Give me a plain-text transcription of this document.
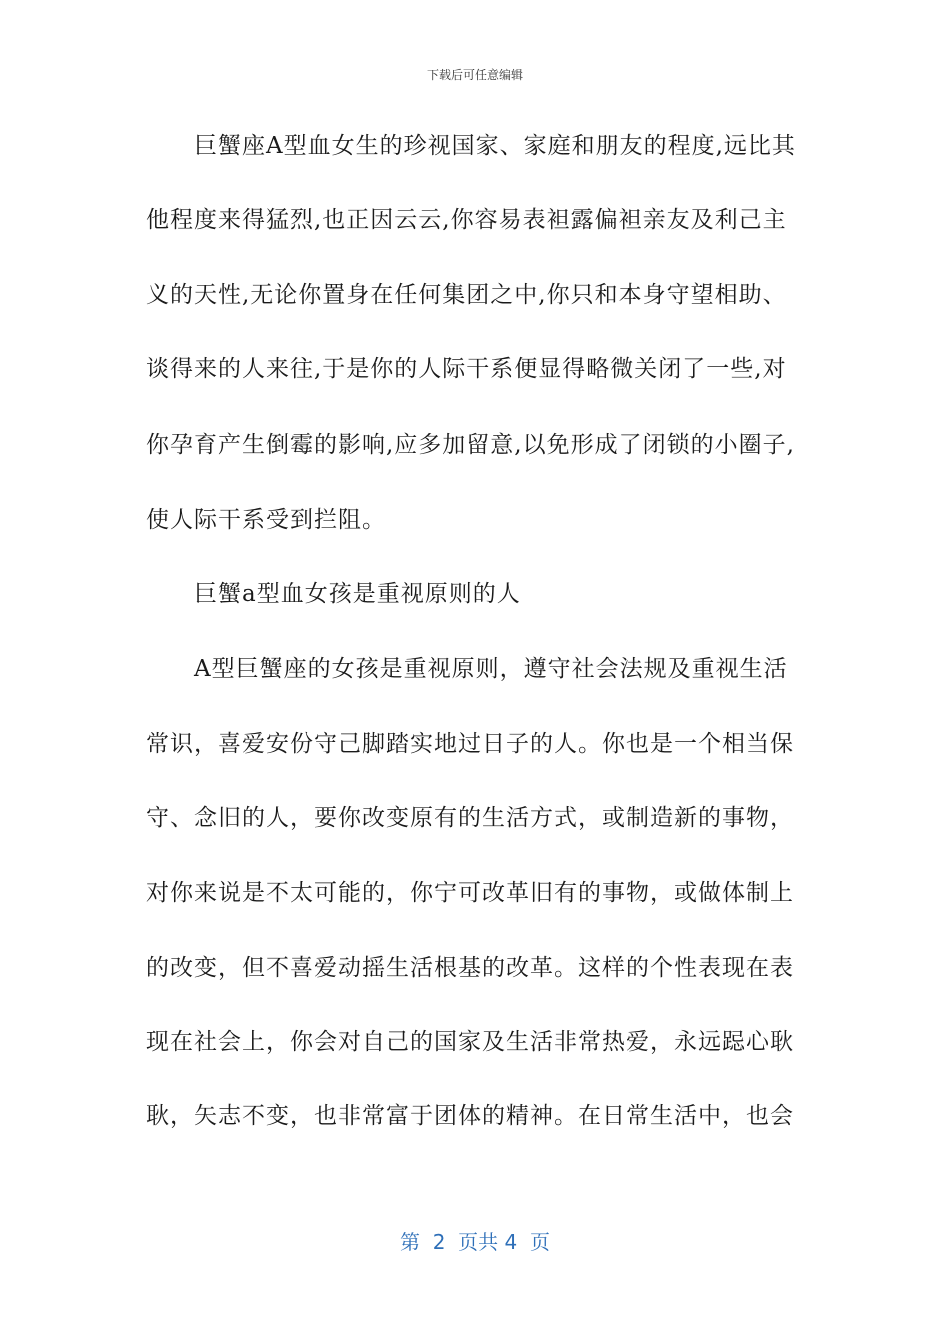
下载后可任意编辑
巨蟹座A型血女生的珍视国家、家庭和朋友的程度,远比其
他程度来得猛烈,也正因云云,你容易表袒露偏袒亲友及利己主
义的天性,无论你置身在任何集团之中,你只和本身守望相助、
谈得来的人来往,于是你的人际干系便显得略微关闭了一些,对
你孕育产生倒霉的影响,应多加留意,以免形成了闭锁的小圈子,
使人际干系受到拦阻。
巨蟹a型血女孩是重视原则的人
A型巨蟹座的女孩是重视原则，遵守社会法规及重视生活
常识，喜爱安份守己脚踏实地过日子的人。你也是一个相当保
守、念旧的人，要你改变原有的生活方式，或制造新的事物，
对你来说是不太可能的，你宁可改革旧有的事物，或做体制上
的改变，但不喜爱动摇生活根基的改革。这样的个性表现在表
现在社会上，你会对自己的国家及生活非常热爱，永远跽心耿
耿，矢志不变，也非常富于团体的精神。在日常生活中，也会
第  2  页共 4  页
